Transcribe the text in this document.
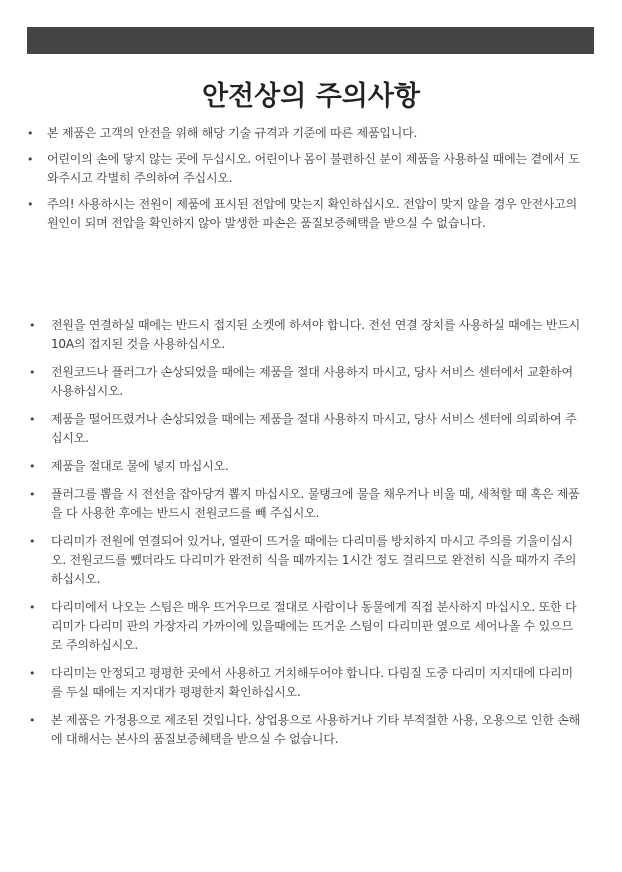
안전상의 주의사항
• 본 제품은 고객의 안전을 위해 해당 기술 규격과 기준에 따른 제품입니다.
• 어린이의 손에 닿지 않는 곳에 두십시오. 어린이나 몸이 불편하신 분이 제품을 사용하실 때에는 곁에서 도와주시고 각별히 주의하여 주십시오.
• 주의! 사용하시는 전원이 제품에 표시된 전압에 맞는지 확인하십시오. 전압이 맞지 않을 경우 안전사고의 원인이 되며 전압을 확인하지 않아 발생한 파손은 품질보증혜택을 받으실 수 없습니다.
• 전원을 연결하실 때에는 반드시 접지된 소켓에 하셔야 합니다. 전선 연결 장치를 사용하실 때에는 반드시 10A의 접지된 것을 사용하십시오.
• 전원코드나 플러그가 손상되었을 때에는 제품을 절대 사용하지 마시고, 당사 서비스 센터에서 교환하여 사용하십시오.
• 제품을 떨어뜨렸거나 손상되었을 때에는 제품을 절대 사용하지 마시고, 당사 서비스 센터에 의뢰하여 주십시오.
• 제품을 절대로 물에 넣지 마십시오.
• 플러그를 뽑을 시 전선을 잡아당겨 뽑지 마십시오. 물탱크에 물을 채우거나 비울 때, 세척할 때 혹은 제품을 다 사용한 후에는 반드시 전원코드를 빼 주십시오.
• 다리미가 전원에 연결되어 있거나, 열판이 뜨거울 때에는 다리미를 방치하지 마시고 주의를 기울이십시오. 전원코드를 뺐더라도 다리미가 완전히 식을 때까지는 1시간 정도 걸리므로 완전히 식을 때까지 주의하십시오.
• 다리미에서 나오는 스팀은 매우 뜨거우므로 절대로 사람이나 동물에게 직접 분사하지 마십시오. 또한 다리미가 다리미 판의 가장자리 가까이에 있을때에는 뜨거운 스팀이 다리미판 옆으로 세어나올 수 있으므로 주의하십시오.
• 다리미는 안정되고 평평한 곳에서 사용하고 거치해두어야 합니다. 다림질 도중 다리미 지지대에 다리미를 두실 때에는 지지대가 평평한지 확인하십시오.
• 본 제품은 가정용으로 제조된 것입니다. 상업용으로 사용하거나 기타 부적절한 사용, 오용으로 인한 손해에 대해서는 본사의 품질보증혜택을 받으실 수 없습니다.
